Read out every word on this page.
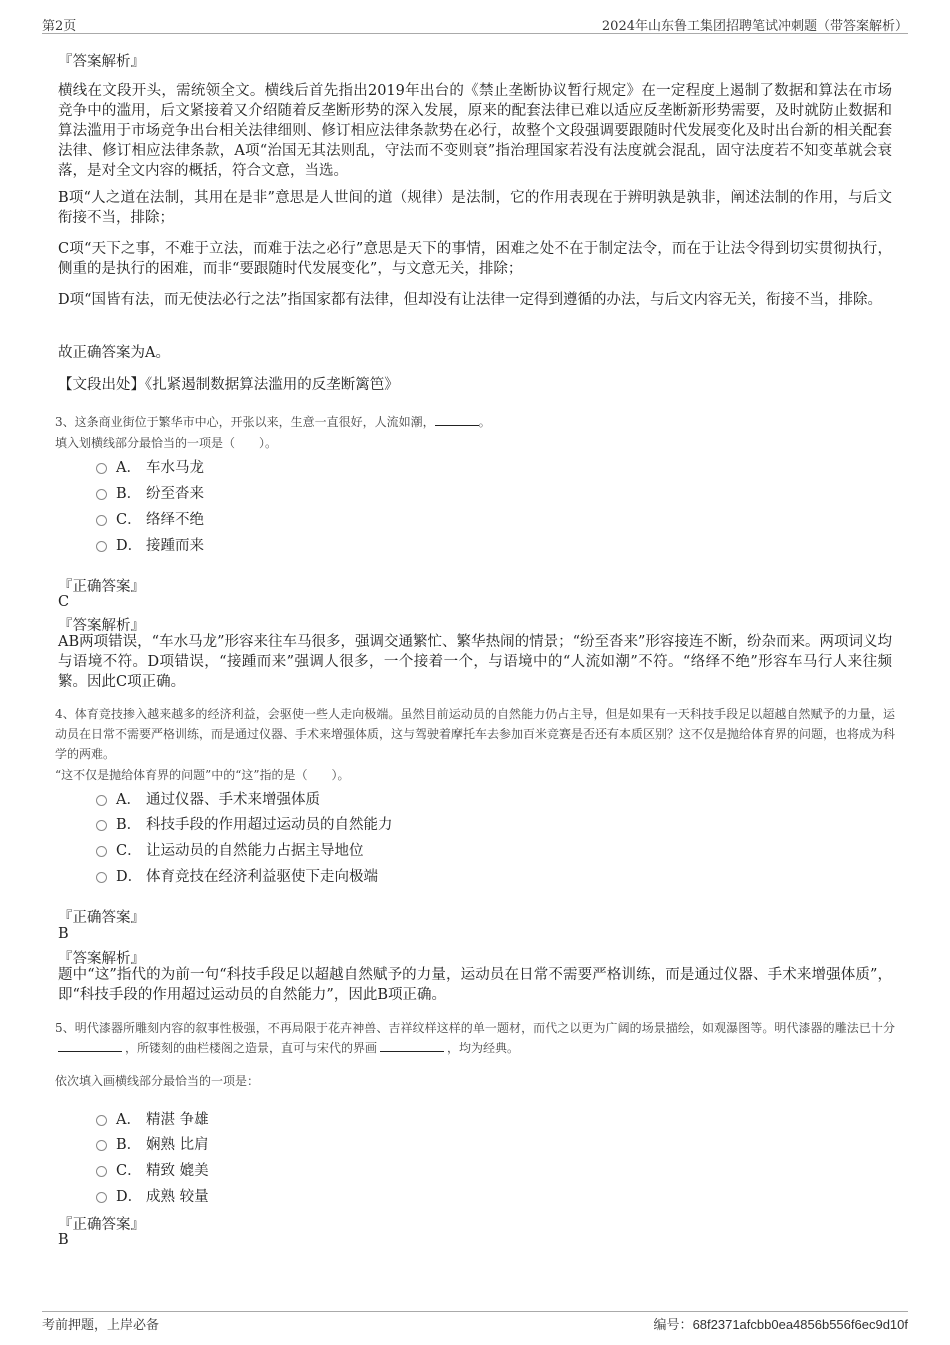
第2页	2024年山东鲁工集团招聘笔试冲刺题（带答案解析）
『答案解析』
横线在文段开头，需统领全文。横线后首先指出2019年出台的《禁止垄断协议暂行规定》在一定程度上遏制了数据和算法在市场竞争中的滥用，后文紧接着又介绍随着反垄断形势的深入发展，原来的配套法律已难以适应反垄断新形势需要，及时就防止数据和算法滥用于市场竞争出台相关法律细则、修订相应法律条款势在必行，故整个文段强调要跟随时代发展变化及时出台新的相关配套法律、修订相应法律条款，A项“治国无其法则乱，守法而不变则衰”指治理国家若没有法度就会混乱，固守法度若不知变革就会衰落，是对全文内容的概括，符合文意，当选。
B项“人之道在法制，其用在是非”意思是人世间的道（规律）是法制，它的作用表现在于辨明孰是孰非，阐述法制的作用，与后文衔接不当，排除；
C项“天下之事，不难于立法，而难于法之必行”意思是天下的事情，困难之处不在于制定法令，而在于让法令得到切实贯彻执行，侧重的是执行的困难，而非“要跟随时代发展变化”，与文意无关，排除；
D项“国皆有法，而无使法必行之法”指国家都有法律，但却没有让法律一定得到遵循的办法，与后文内容无关，衔接不当，排除。
故正确答案为A。
【文段出处】《扎紧遏制数据算法滥用的反垄断篱笆》
3、这条商业街位于繁华市中心，开张以来，生意一直很好，人流如潮，	。
填入划横线部分最恰当的一项是（　　）。
A． 车水马龙
B． 纷至沓来
C． 络绎不绝
D． 接踵而来
『正确答案』
C
『答案解析』
AB两项错误，“车水马龙”形容来往车马很多，强调交通繁忙、繁华热闹的情景；“纷至沓来”形容接连不断，纷杂而来。两项词义均与语境不符。D项错误，“接踵而来”强调人很多，一个接着一个，与语境中的“人流如潮”不符。“络绎不绝”形容车马行人来往频繁。因此C项正确。
4、体育竞技掺入越来越多的经济利益，会驱使一些人走向极端。虽然目前运动员的自然能力仍占主导，但是如果有一天科技手段足以超越自然赋予的力量，运动员在日常不需要严格训练，而是通过仪器、手术来增强体质，这与驾驶着摩托车去参加百米竞赛是否还有本质区别？这不仅是抛给体育界的问题，也将成为科学的两难。
“这不仅是抛给体育界的问题”中的“这”指的是（　　）。
A． 通过仪器、手术来增强体质
B． 科技手段的作用超过运动员的自然能力
C． 让运动员的自然能力占据主导地位
D． 体育竞技在经济利益驱使下走向极端
『正确答案』
B
『答案解析』
题中“这”指代的为前一句“科技手段足以超越自然赋予的力量，运动员在日常不需要严格训练，而是通过仪器、手术来增强体质”，即“科技手段的作用超过运动员的自然能力”，因此B项正确。
5、明代漆器所雕刻内容的叙事性极强，不再局限于花卉神兽、吉祥纹样这样的单一题材，而代之以更为广阔的场景描绘，如观瀑图等。明代漆器的雕法已十分，所镂刻的曲栏楼阁之造景，直可与宋代的界画	，均为经典。
依次填入画横线部分最恰当的一项是：
A． 精湛 争雄
B． 娴熟 比肩
C． 精致 媲美
D． 成熟 较量
『正确答案』
B
考前押题，上岸必备	编号：68f2371afcbb0ea4856b556f6ec9d10f
